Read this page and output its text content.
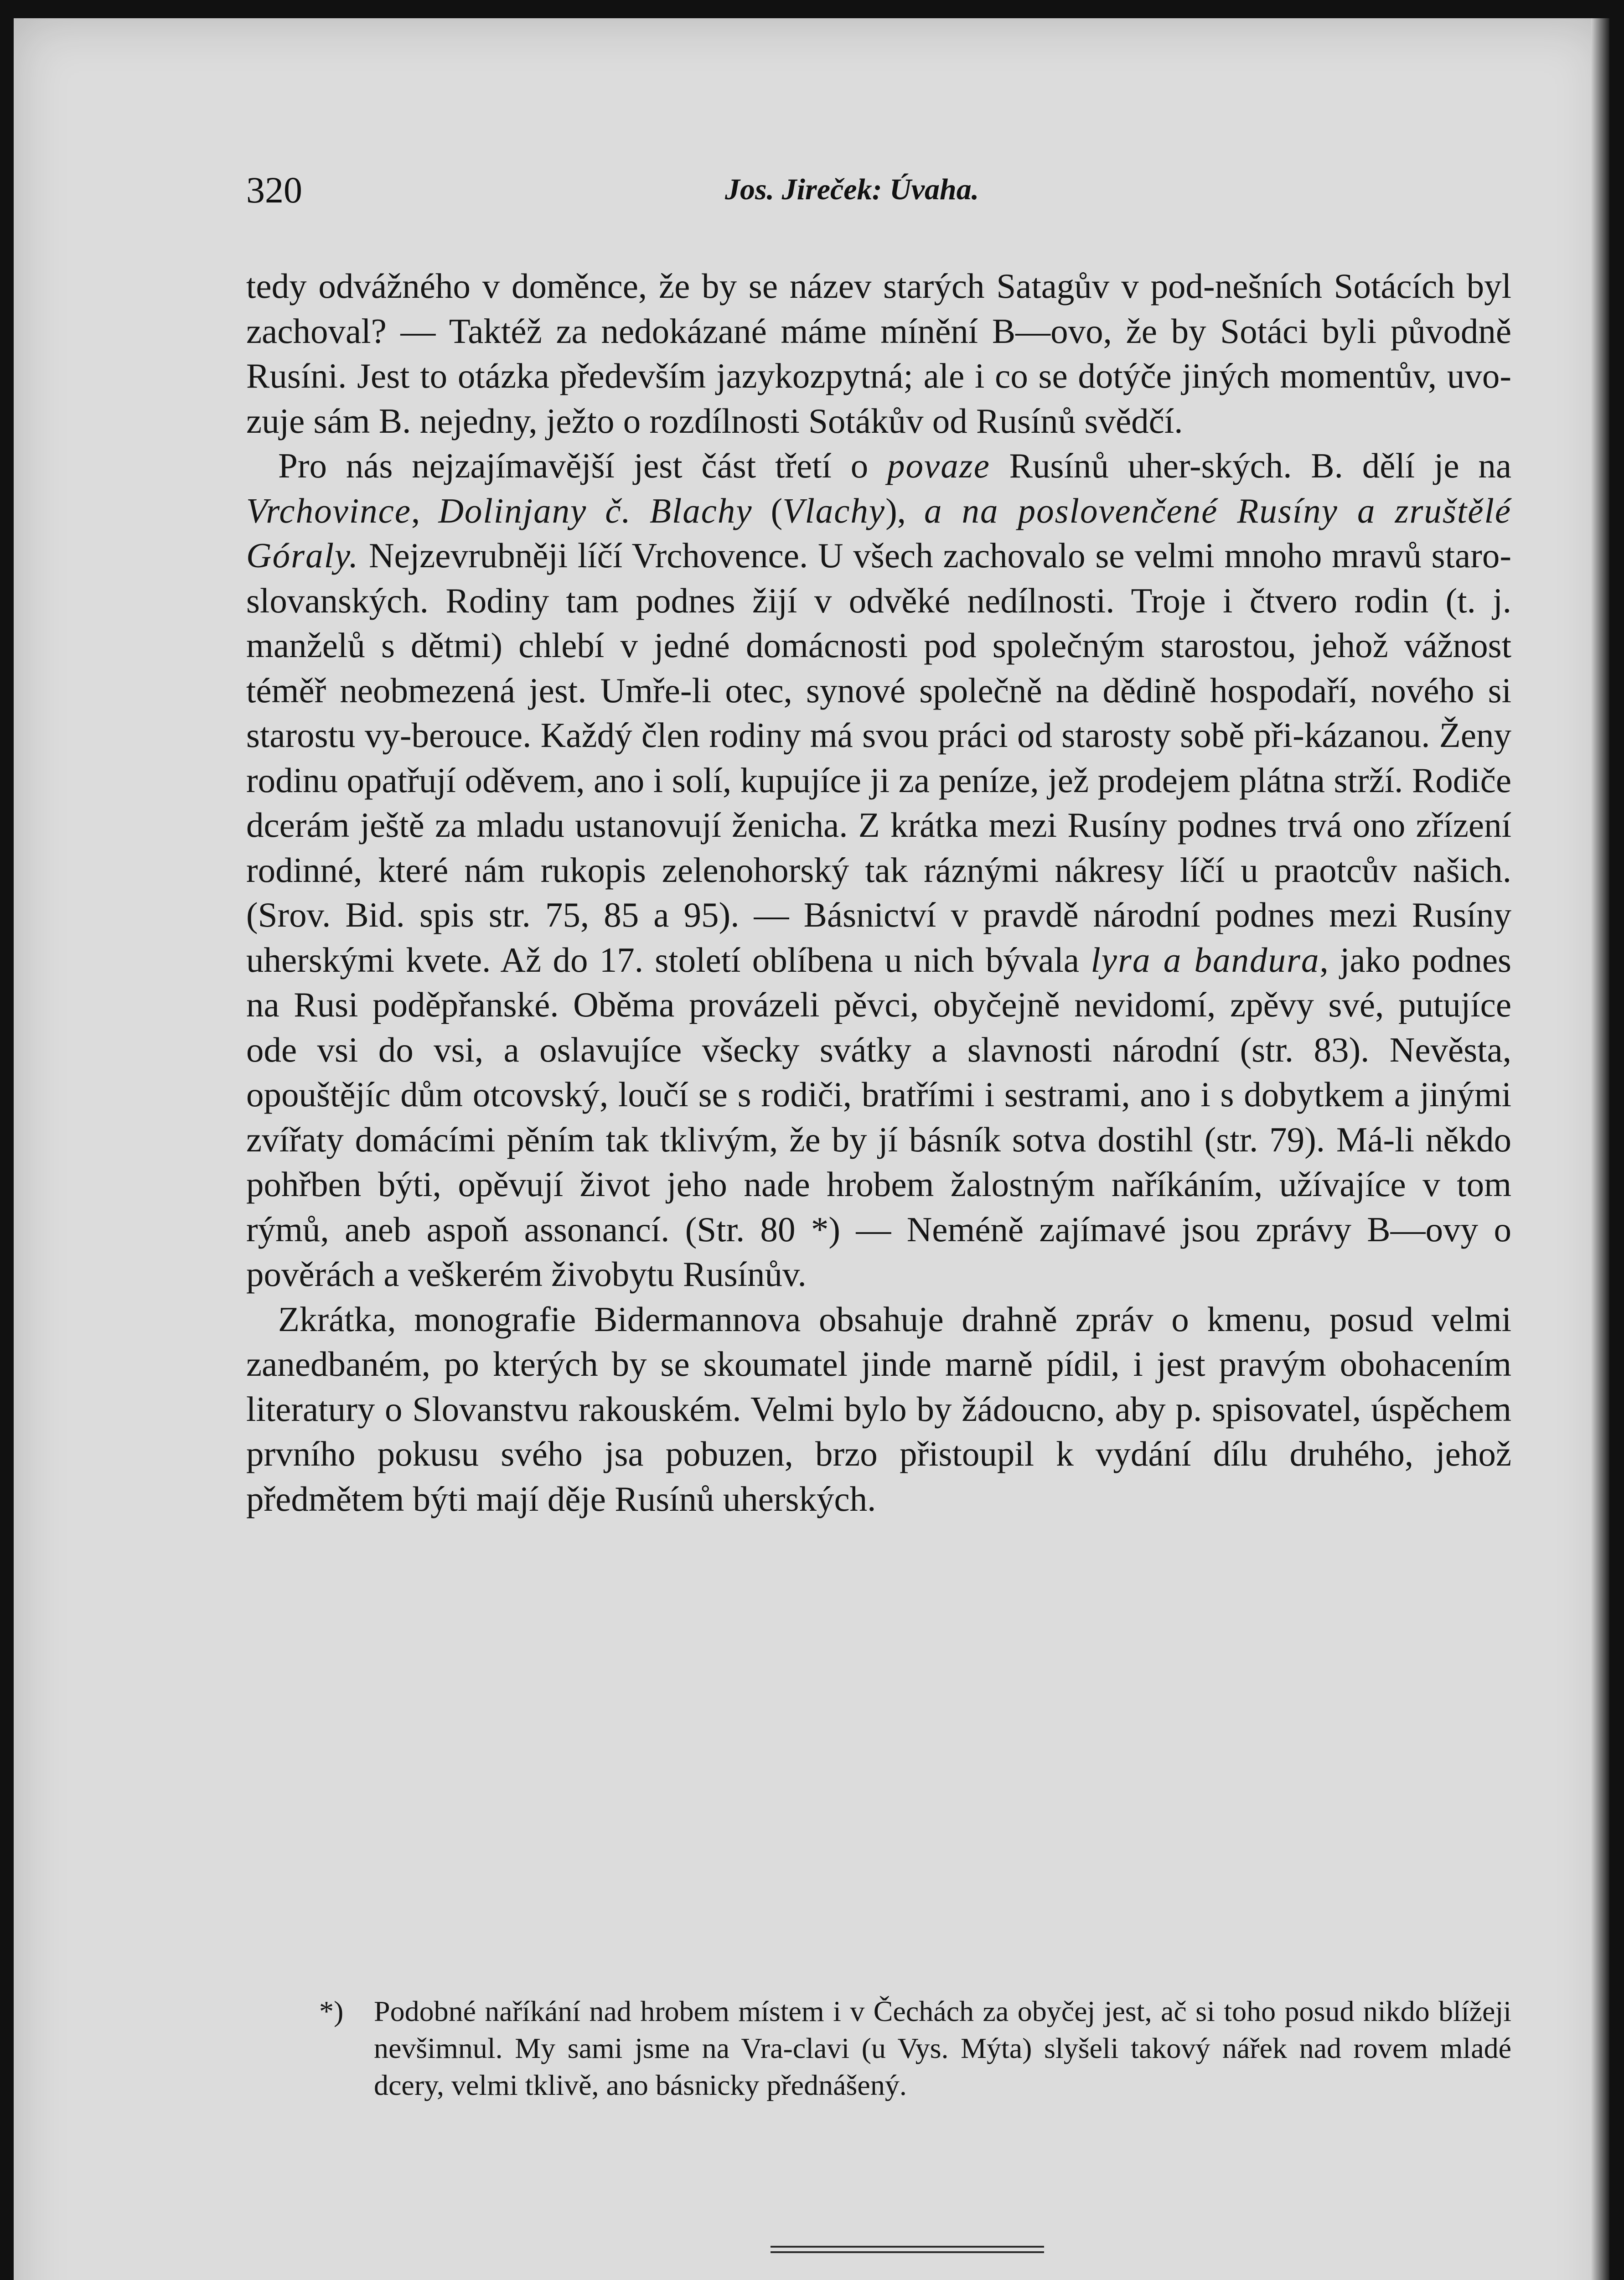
320	Jos. Jireček: Úvaha.

tedy odvážného v doměnce, že by se název starých Satagův v pod-nešních Sotácích byl zachoval? — Taktéž za nedokázané máme mínění B—ovo, že by Sotáci byli původně Rusíni. Jest to otázka především jazykozpytná; ale i co se dotýče jiných momentův, uvo-zuje sám B. nejedny, ježto o rozdílnosti Sotákův od Rusínů svědčí.

Pro nás nejzajímavější jest část třetí o povaze Rusínů uher-ských. B. dělí je na Vrchovince, Dolinjany č. Blachy (Vlachy), a na poslovenčené Rusíny a zruštělé Góraly. Nejzevrubněji líčí Vrchovence. U všech zachovalo se velmi mnoho mravů staro-slovanských. Rodiny tam podnes žijí v odvěké nedílnosti. Troje i čtvero rodin (t. j. manželů s dětmi) chlebí v jedné domácnosti pod společným starostou, jehož vážnost téměř neobmezená jest. Umře-li otec, synové společně na dědině hospodaří, nového si starostu vy-berouce. Každý člen rodiny má svou práci od starosty sobě při-kázanou. Ženy rodinu opatřují oděvem, ano i solí, kupujíce ji za peníze, jež prodejem plátna strží. Rodiče dcerám ještě za mladu ustanovují ženicha. Z krátka mezi Rusíny podnes trvá ono zřízení rodinné, které nám rukopis zelenohorský tak ráznými nákresy líčí u praotcův našich. (Srov. Bid. spis str. 75, 85 a 95). — Básnictví v pravdě národní podnes mezi Rusíny uherskými kvete. Až do 17. století oblíbena u nich bývala lyra a bandura, jako podnes na Rusi poděpřanské. Oběma provázeli pěvci, obyčejně nevidomí, zpěvy své, putujíce ode vsi do vsi, a oslavujíce všecky svátky a slavnosti národní (str. 83). Nevěsta, opouštějíc dům otcovský, loučí se s rodiči, bratřími i sestrami, ano i s dobytkem a jinými zvířaty domácími pěním tak tklivým, že by jí básník sotva dostihl (str. 79). Má-li někdo pohřben býti, opěvují život jeho nade hrobem žalostným naříkáním, užívajíce v tom rýmů, aneb aspoň assonancí. (Str. 80 *) — Neméně zajímavé jsou zprávy B—ovy o pověrách a veškerém živobytu Rusínův.

Zkrátka, monografie Bidermannova obsahuje drahně zpráv o kmenu, posud velmi zanedbaném, po kterých by se skoumatel jinde marně pídil, i jest pravým obohacením literatury o Slovanstvu rakouském. Velmi bylo by žádoucno, aby p. spisovatel, úspěchem prvního pokusu svého jsa pobuzen, brzo přistoupil k vydání dílu druhého, jehož předmětem býti mají děje Rusínů uherských.

*) Podobné naříkání nad hrobem místem i v Čechách za obyčej jest, ač si toho posud nikdo blížeji nevšimnul. My sami jsme na Vra-clavi (u Vys. Mýta) slyšeli takový nářek nad rovem mladé dcery, velmi tklivě, ano básnicky přednášený.
